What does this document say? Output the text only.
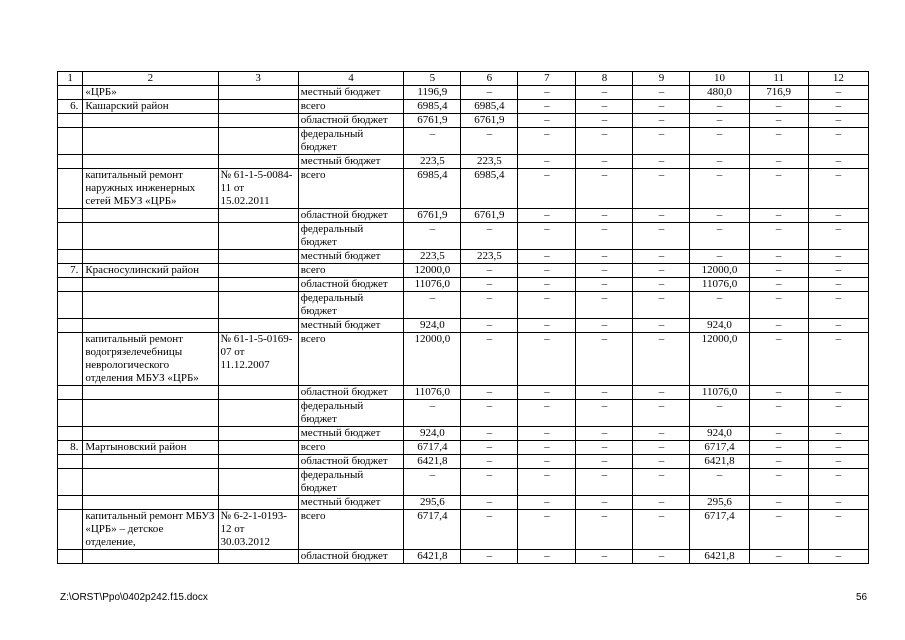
1	2	3	4	5	6	7	8	9	10	11	12
	«ЦРБ»		местный бюджет	1196,9	–	–	–	–	480,0	716,9	–
6.	Кашарский район		всего	6985,4	6985,4	–	–	–	–	–	–
			областной бюджет	6761,9	6761,9	–	–	–	–	–	–
			федеральный бюджет	–	–	–	–	–	–	–	–
			местный бюджет	223,5	223,5	–	–	–	–	–	–
	капитальный ремонт наружных инженерных сетей МБУЗ «ЦРБ»	№ 61-1-5-0084-11 от 15.02.2011	всего	6985,4	6985,4	–	–	–	–	–	–
			областной бюджет	6761,9	6761,9	–	–	–	–	–	–
			федеральный бюджет	–	–	–	–	–	–	–	–
			местный бюджет	223,5	223,5	–	–	–	–	–	–
7.	Красносулинский район		всего	12000,0	–	–	–	–	12000,0	–	–
			областной бюджет	11076,0	–	–	–	–	11076,0	–	–
			федеральный бюджет	–	–	–	–	–	–	–	–
			местный бюджет	924,0	–	–	–	–	924,0	–	–
	капитальный ремонт водогрязелечебницы неврологического отделения МБУЗ «ЦРБ»	№ 61-1-5-0169-07 от 11.12.2007	всего	12000,0	–	–	–	–	12000,0	–	–
			областной бюджет	11076,0	–	–	–	–	11076,0	–	–
			федеральный бюджет	–	–	–	–	–	–	–	–
			местный бюджет	924,0	–	–	–	–	924,0	–	–
8.	Мартыновский район		всего	6717,4	–	–	–	–	6717,4	–	–
			областной бюджет	6421,8	–	–	–	–	6421,8	–	–
			федеральный бюджет	–	–	–	–	–	–	–	–
			местный бюджет	295,6	–	–	–	–	295,6	–	–
	капитальный ремонт МБУЗ «ЦРБ» – детское отделение,	№ 6-2-1-0193-12 от 30.03.2012	всего	6717,4	–	–	–	–	6717,4	–	–
			областной бюджет	6421,8	–	–	–	–	6421,8	–	–
Z:\ORST\Ppo\0402p242.f15.docx	56
